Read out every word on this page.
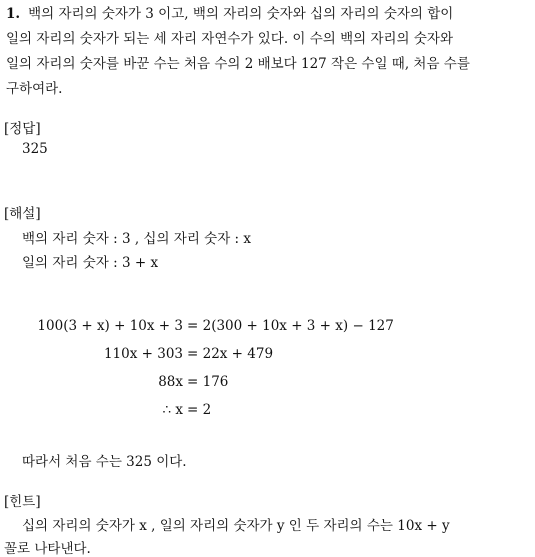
1. 백의 자리의 숫자가 3 이고, 백의 자리의 숫자와 십의 자리의 숫자의 합이
일의 자리의 숫자가 되는 세 자리 자연수가 있다. 이 수의 백의 자리의 숫자와
일의 자리의 숫자를 바꾼 수는 처음 수의 2 배보다 127 작은 수일 때, 처음 수를
구하여라.
[정답]
325
[해설]
백의 자리 숫자 : 3 , 십의 자리 숫자 : x
일의 자리 숫자 : 3 + x
100(3 + x) + 10x + 3 = 2(300 + 10x + 3 + x) − 127
110x + 303 = 22x + 479
88x = 176
∴ x = 2
따라서 처음 수는 325 이다.
[힌트]
십의 자리의 숫자가 x , 일의 자리의 숫자가 y 인 두 자리의 수는 10x + y
꼴로 나타낸다.
